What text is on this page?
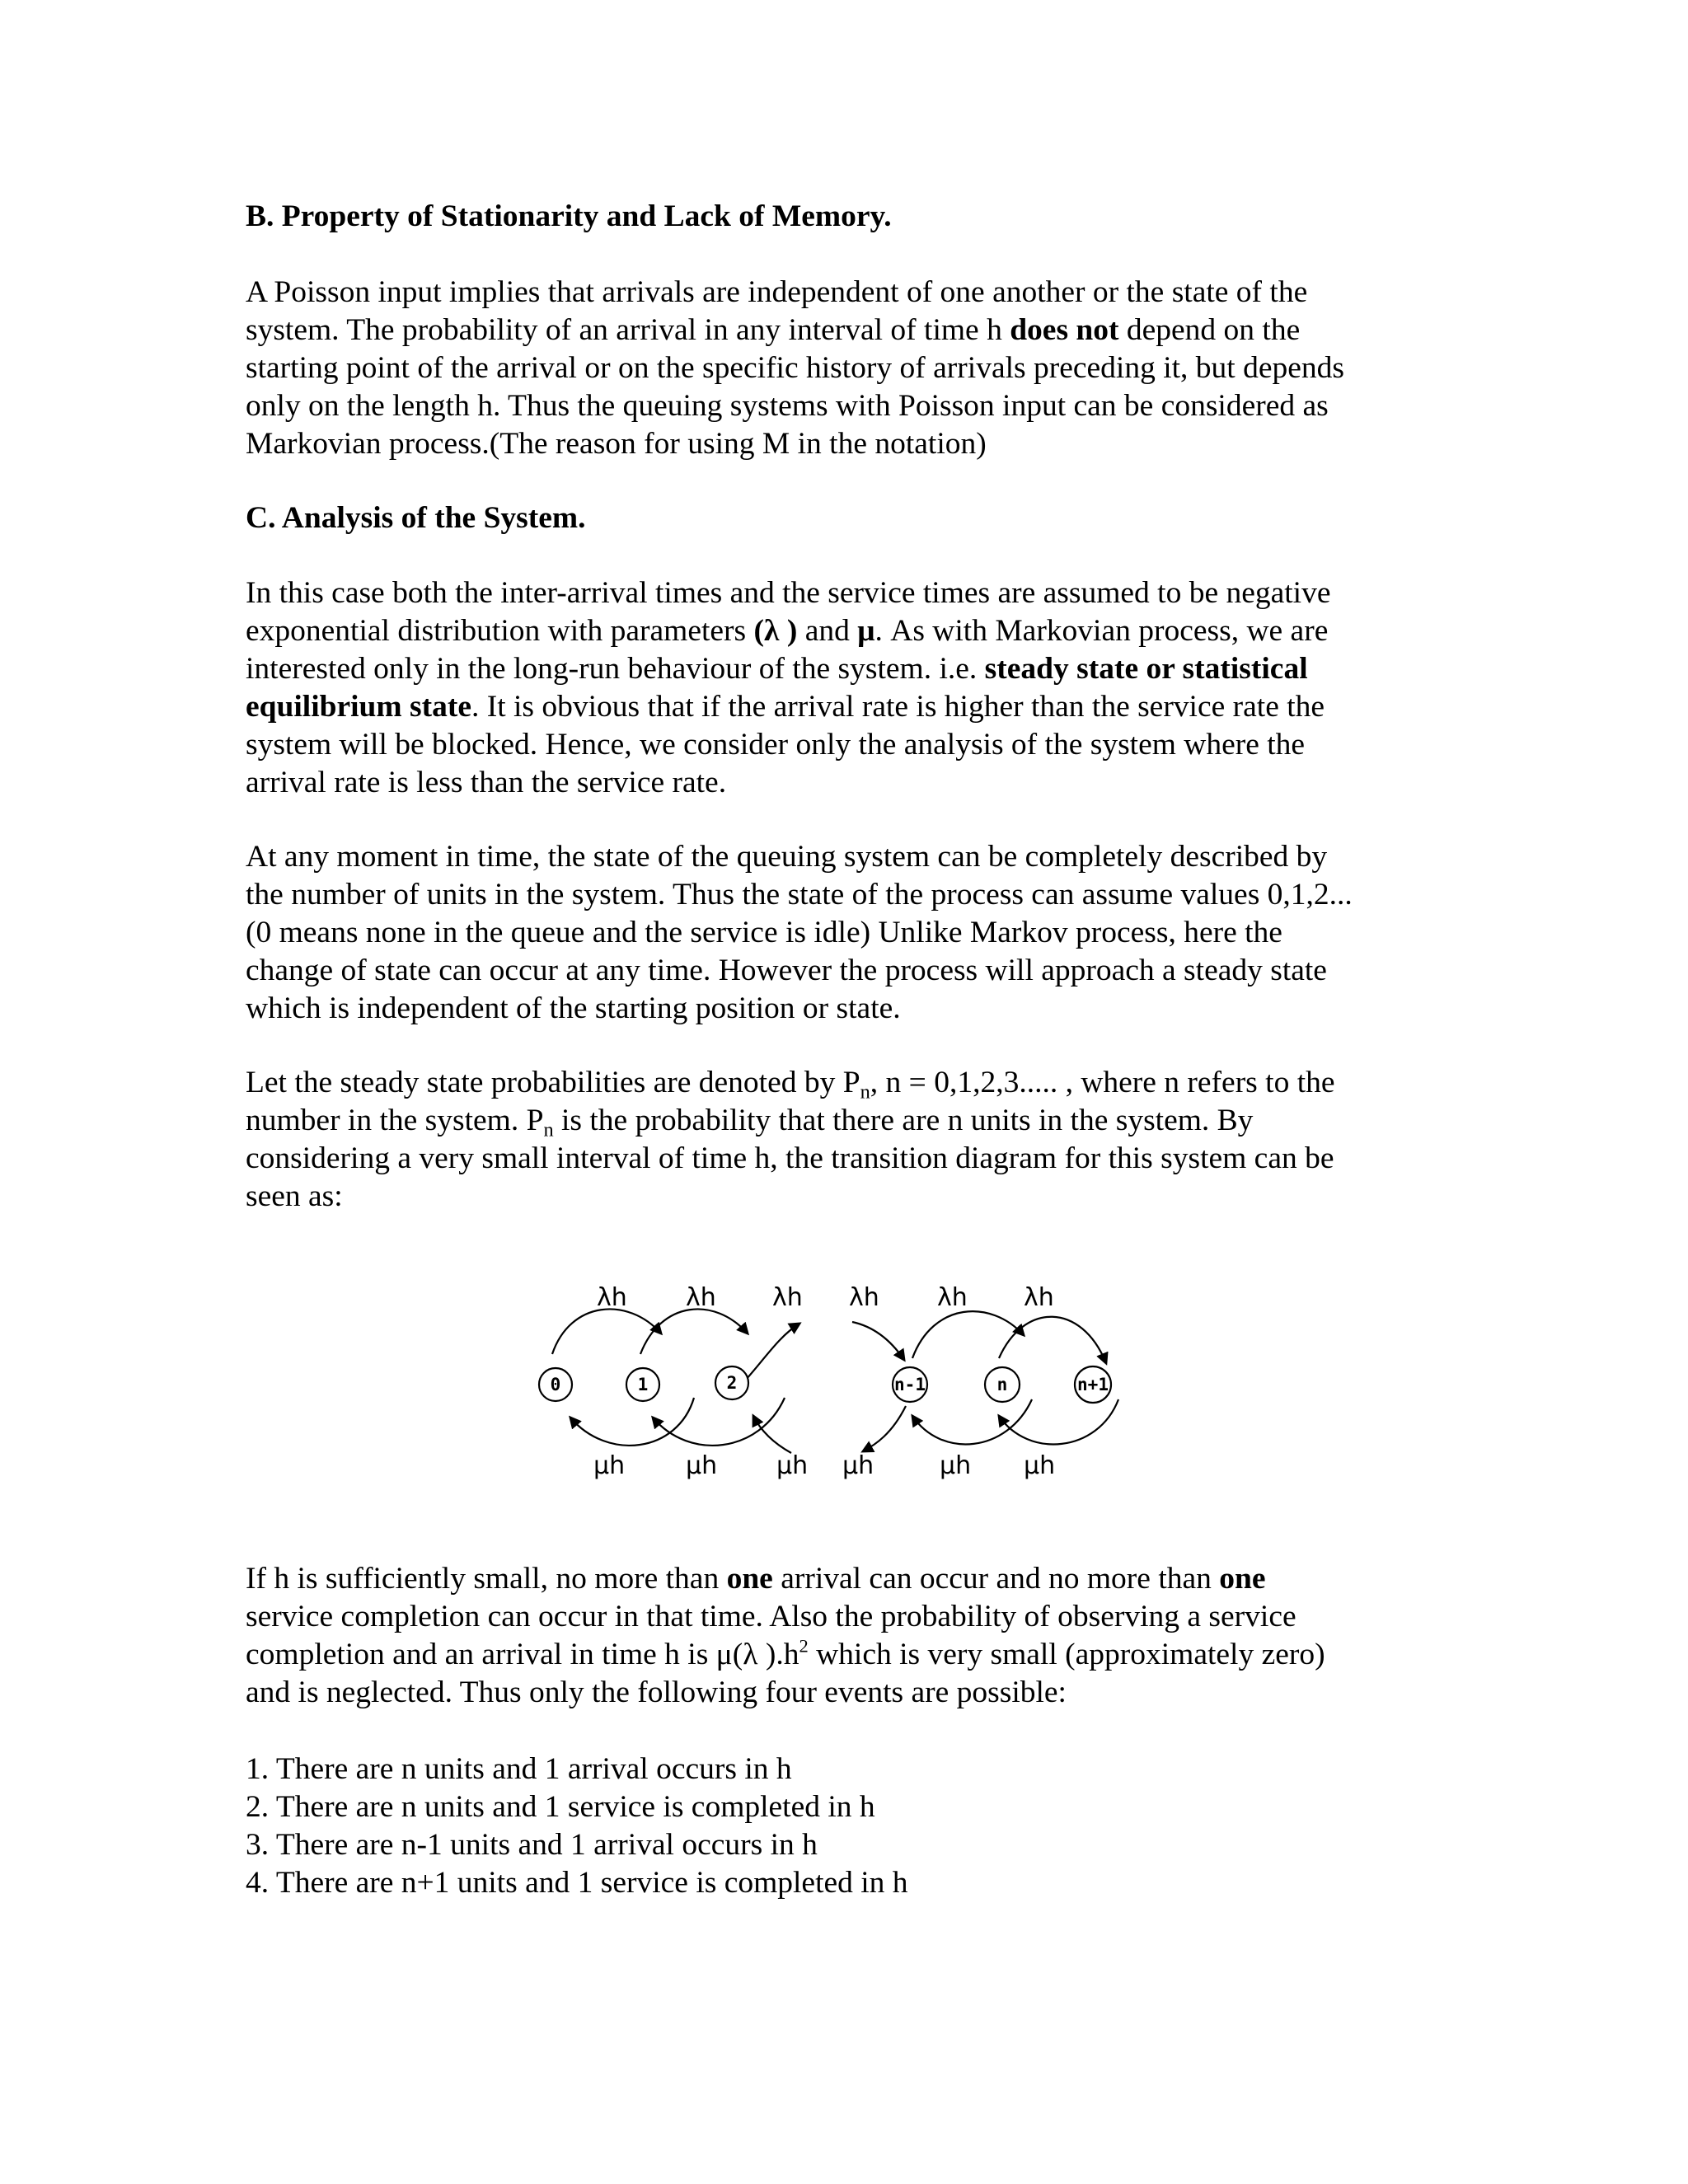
B. Property of Stationarity and Lack of Memory.
A Poisson input implies that arrivals are independent of one another or the state of the
system. The probability of an arrival in any interval of time h does not depend on the
starting point of the arrival or on the specific history of arrivals preceding it, but depends
only on the length h. Thus the queuing systems with Poisson input can be considered as
Markovian process.(The reason for using M in the notation)
C. Analysis of the System.
In this case both the inter-arrival times and the service times are assumed to be negative
exponential distribution with parameters (λ ) and μ. As with Markovian process, we are
interested only in the long-run behaviour of the system. i.e. steady state or statistical
equilibrium state. It is obvious that if the arrival rate is higher than the service rate the
system will be blocked. Hence, we consider only the analysis of the system where the
arrival rate is less than the service rate.
At any moment in time, the state of the queuing system can be completely described by
the number of units in the system. Thus the state of the process can assume values 0,1,2...
(0 means none in the queue and the service is idle) Unlike Markov process, here the
change of state can occur at any time. However the process will approach a steady state
which is independent of the starting position or state.
Let the steady state probabilities are denoted by $P_n$, n = 0,1,2,3..... , where n refers to the
number in the system. $P_n$ is the probability that there are n units in the system. By
considering a very small interval of time h, the transition diagram for this system can be
seen as:
λh λh λh λh λh λh
0	1	2	n-1	n	n+1
μh μh μh μh	μh μh
If h is sufficiently small, no more than one arrival can occur and no more than one
service completion can occur in that time. Also the probability of observing a service
completion and an arrival in time h is μ(λ )$.h^2$ which is very small (approximately zero)
and is neglected. Thus only the following four events are possible:
1. There are n units and 1 arrival occurs in h
2. There are n units and 1 service is completed in h
3. There are n-1 units and 1 arrival occurs in h
4. There are n+1 units and 1 service is completed in h
